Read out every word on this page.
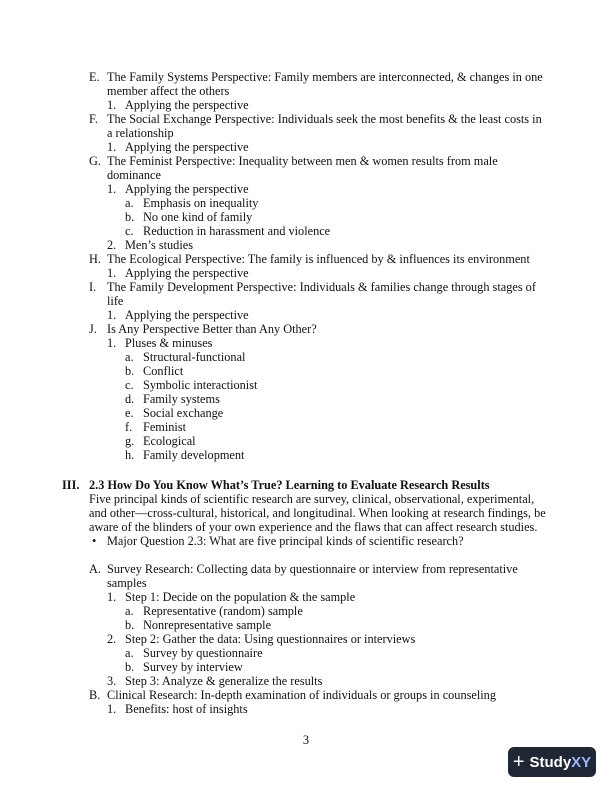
E. The Family Systems Perspective: Family members are interconnected, & changes in one
member affect the others
1. Applying the perspective
F. The Social Exchange Perspective: Individuals seek the most benefits & the least costs in
a relationship
1. Applying the perspective
G. The Feminist Perspective: Inequality between men & women results from male
dominance
1. Applying the perspective
a. Emphasis on inequality
b. No one kind of family
c. Reduction in harassment and violence
2. Men’s studies
H. The Ecological Perspective: The family is influenced by & influences its environment
1. Applying the perspective
I. The Family Development Perspective: Individuals & families change through stages of
life
1. Applying the perspective
J. Is Any Perspective Better than Any Other?
1. Pluses & minuses
a. Structural-functional
b. Conflict
c. Symbolic interactionist
d. Family systems
e. Social exchange
f. Feminist
g. Ecological
h. Family development
III. 2.3 How Do You Know What’s True? Learning to Evaluate Research Results
Five principal kinds of scientific research are survey, clinical, observational, experimental,
and other—cross-cultural, historical, and longitudinal. When looking at research findings, be
aware of the blinders of your own experience and the flaws that can affect research studies.
• Major Question 2.3: What are five principal kinds of scientific research?
A. Survey Research: Collecting data by questionnaire or interview from representative
samples
1. Step 1: Decide on the population & the sample
a. Representative (random) sample
b. Nonrepresentative sample
2. Step 2: Gather the data: Using questionnaires or interviews
a. Survey by questionnaire
b. Survey by interview
3. Step 3: Analyze & generalize the results
B. Clinical Research: In-depth examination of individuals or groups in counseling
1. Benefits: host of insights
3
+ Study XY
